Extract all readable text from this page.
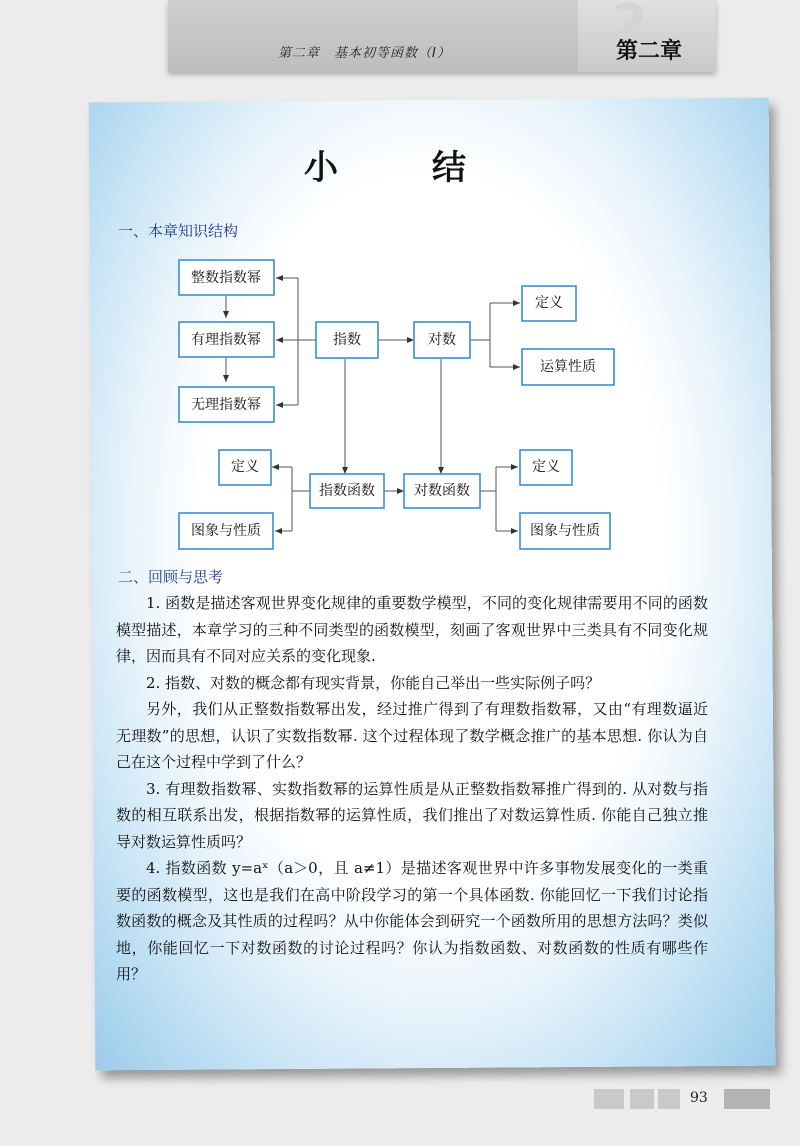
第二章　基本初等函数（Ⅰ）	2
第二章
小　结
一、本章知识结构
整数指数幂
有理指数幂
无理指数幂
指数	对数
定义
运算性质
定义
图象与性质
指数函数	对数函数
定义
图象与性质
二、回顾与思考

1. 函数是描述客观世界变化规律的重要数学模型，不同的变化规律需要用不同的函数模型描述，本章学习的三种不同类型的函数模型，刻画了客观世界中三类具有不同变化规律，因而具有不同对应关系的变化现象.

2. 指数、对数的概念都有现实背景，你能自己举出一些实际例子吗？

另外，我们从正整数指数幂出发，经过推广得到了有理数指数幂，又由“有理数逼近无理数”的思想，认识了实数指数幂. 这个过程体现了数学概念推广的基本思想. 你认为自己在这个过程中学到了什么？

3. 有理数指数幂、实数指数幂的运算性质是从正整数指数幂推广得到的. 从对数与指数的相互联系出发，根据指数幂的运算性质，我们推出了对数运算性质. 你能自己独立推导对数运算性质吗？

4. 指数函数 y=aˣ（a＞0，且 a≠1）是描述客观世界中许多事物发展变化的一类重要的函数模型，这也是我们在高中阶段学习的第一个具体函数. 你能回忆一下我们讨论指数函数的概念及其性质的过程吗？从中你能体会到研究一个函数所用的思想方法吗？类似地，你能回忆一下对数函数的讨论过程吗？你认为指数函数、对数函数的性质有哪些作用？

93
